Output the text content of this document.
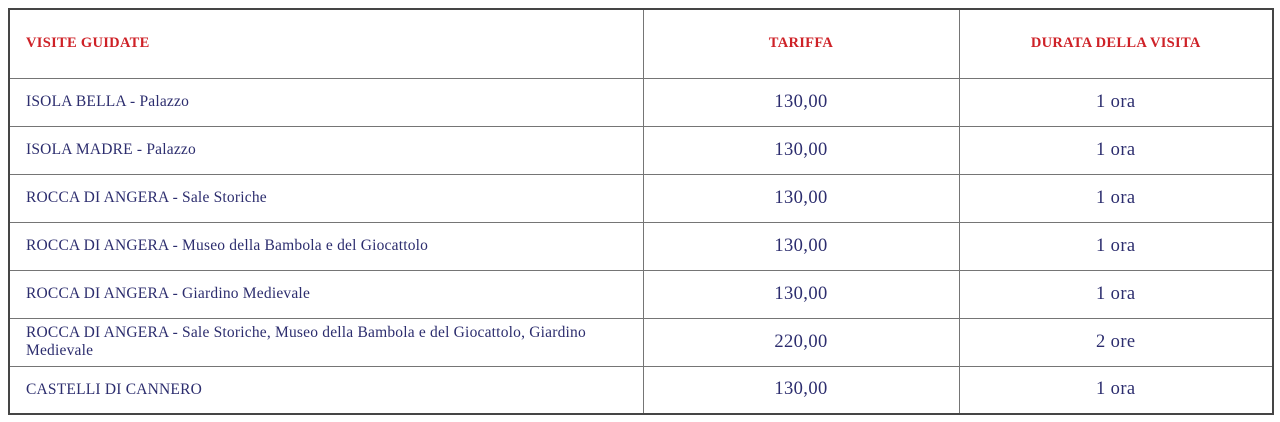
VISITE GUIDATE	TARIFFA	DURATA DELLA VISITA
ISOLA BELLA - Palazzo	130,00	1 ora
ISOLA MADRE - Palazzo	130,00	1 ora
ROCCA DI ANGERA - Sale Storiche	130,00	1 ora
ROCCA DI ANGERA - Museo della Bambola e del Giocattolo	130,00	1 ora
ROCCA DI ANGERA - Giardino Medievale	130,00	1 ora
ROCCA DI ANGERA - Sale Storiche, Museo della Bambola e del Giocattolo, Giardino Medievale	220,00	2 ore
CASTELLI DI CANNERO	130,00	1 ora
